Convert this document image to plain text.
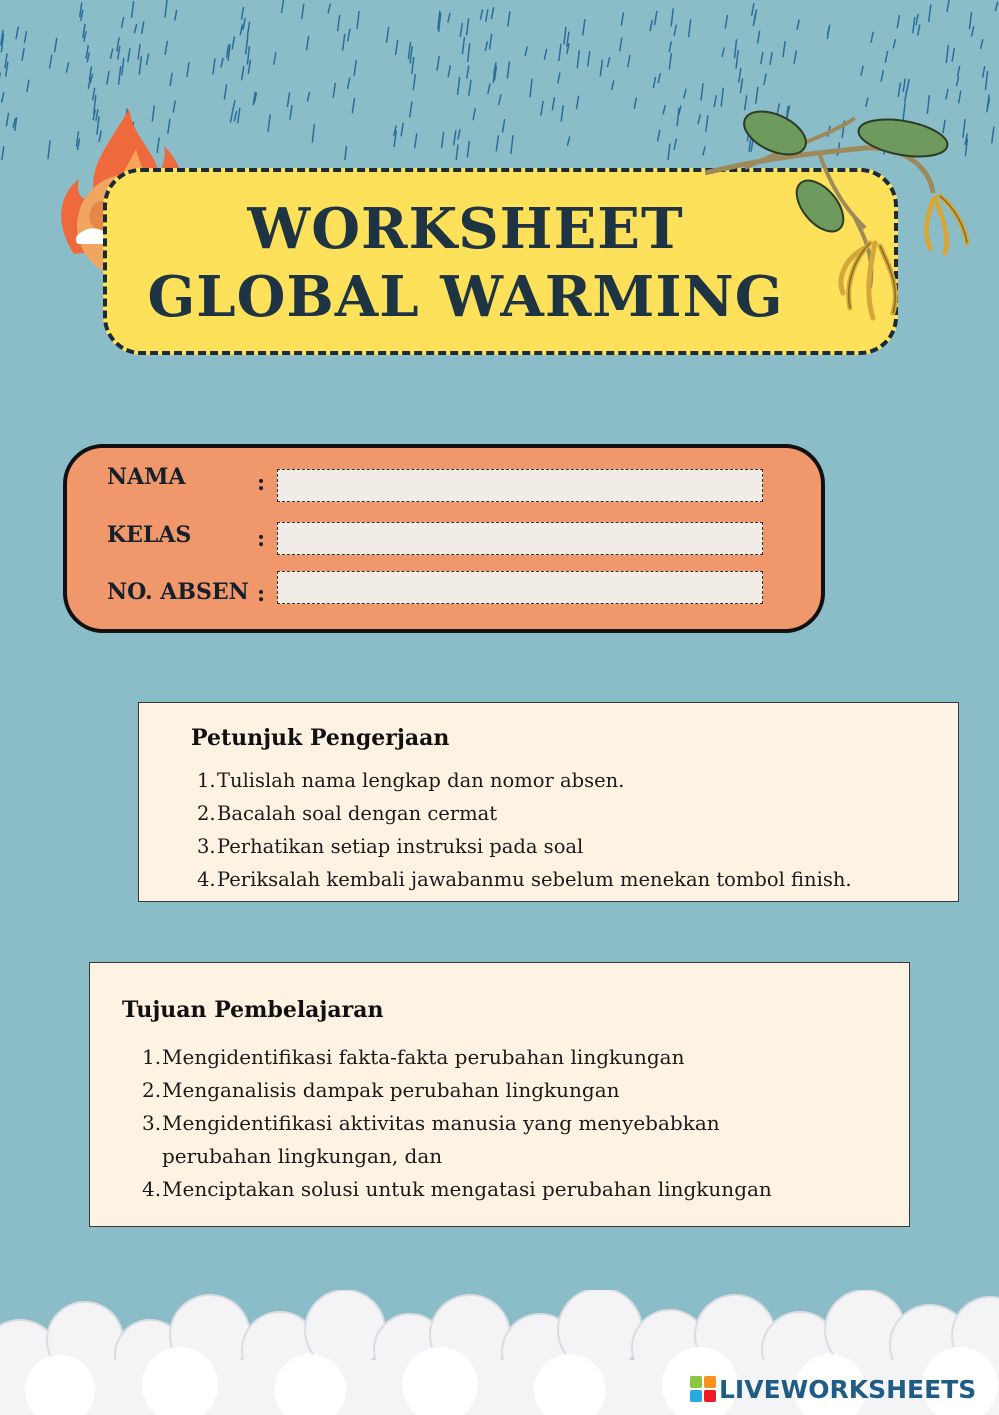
WORKSHEET
GLOBAL WARMING
NAMA	:
KELAS	:
NO. ABSEN :
Petunjuk Pengerjaan
1.Tulislah nama lengkap dan nomor absen.
2.Bacalah soal dengan cermat
3.Perhatikan setiap instruksi pada soal
4.Periksalah kembali jawabanmu sebelum menekan tombol finish.
Tujuan Pembelajaran
1.Mengidentifikasi fakta-fakta perubahan lingkungan
2.Menganalisis dampak perubahan lingkungan
3.Mengidentifikasi aktivitas manusia yang menyebabkan
perubahan lingkungan, dan
4.Menciptakan solusi untuk mengatasi perubahan lingkungan
LIVEWORKSHEETS
